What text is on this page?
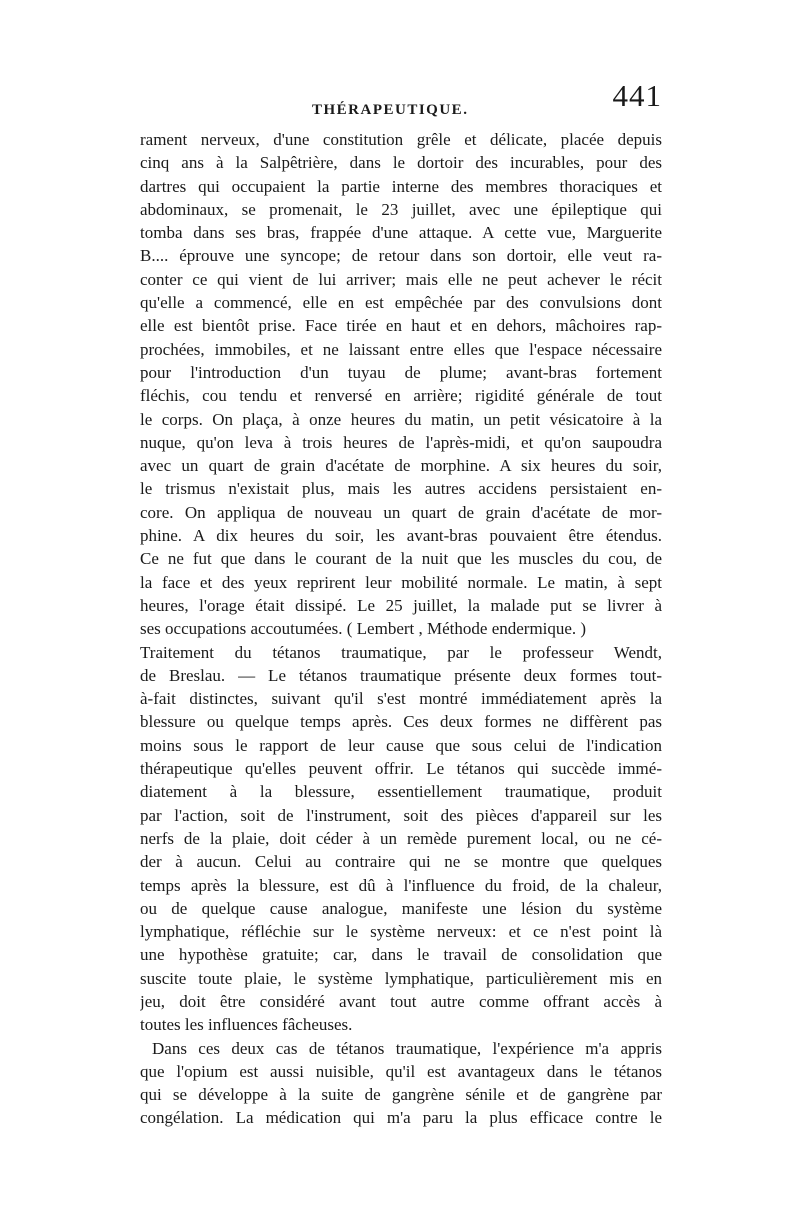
THÉRAPEUTIQUE.	441
rament nerveux, d'une constitution grêle et délicate, placée depuis
cinq ans à la Salpêtrière, dans le dortoir des incurables, pour des
dartres qui occupaient la partie interne des membres thoraciques et
abdominaux, se promenait, le 23 juillet, avec une épileptique qui
tomba dans ses bras, frappée d'une attaque. A cette vue, Marguerite
B.... éprouve une syncope; de retour dans son dortoir, elle veut ra-
conter ce qui vient de lui arriver; mais elle ne peut achever le récit
qu'elle a commencé, elle en est empêchée par des convulsions dont
elle est bientôt prise. Face tirée en haut et en dehors, mâchoires rap-
prochées, immobiles, et ne laissant entre elles que l'espace nécessaire
pour l'introduction d'un tuyau de plume; avant-bras fortement
fléchis, cou tendu et renversé en arrière; rigidité générale de tout
le corps. On plaça, à onze heures du matin, un petit vésicatoire à la
nuque, qu'on leva à trois heures de l'après-midi, et qu'on saupoudra
avec un quart de grain d'acétate de morphine. A six heures du soir,
le trismus n'existait plus, mais les autres accidens persistaient en-
core. On appliqua de nouveau un quart de grain d'acétate de mor-
phine. A dix heures du soir, les avant-bras pouvaient être étendus.
Ce ne fut que dans le courant de la nuit que les muscles du cou, de
la face et des yeux reprirent leur mobilité normale. Le matin, à sept
heures, l'orage était dissipé. Le 25 juillet, la malade put se livrer à
ses occupations accoutumées. ( Lembert , Méthode endermique. )
Traitement du tétanos traumatique, par le professeur Wendt,
de Breslau. — Le tétanos traumatique présente deux formes tout-
à-fait distinctes, suivant qu'il s'est montré immédiatement après la
blessure ou quelque temps après. Ces deux formes ne diffèrent pas
moins sous le rapport de leur cause que sous celui de l'indication
thérapeutique qu'elles peuvent offrir. Le tétanos qui succède immé-
diatement à la blessure, essentiellement traumatique, produit
par l'action, soit de l'instrument, soit des pièces d'appareil sur les
nerfs de la plaie, doit céder à un remède purement local, ou ne cé-
der à aucun. Celui au contraire qui ne se montre que quelques
temps après la blessure, est dû à l'influence du froid, de la chaleur,
ou de quelque cause analogue, manifeste une lésion du système
lymphatique, réfléchie sur le système nerveux: et ce n'est point là
une hypothèse gratuite; car, dans le travail de consolidation que
suscite toute plaie, le système lymphatique, particulièrement mis en
jeu, doit être considéré avant tout autre comme offrant accès à
toutes les influences fâcheuses.
Dans ces deux cas de tétanos traumatique, l'expérience m'a appris
que l'opium est aussi nuisible, qu'il est avantageux dans le tétanos
qui se développe à la suite de gangrène sénile et de gangrène par
congélation. La médication qui m'a paru la plus efficace contre le
